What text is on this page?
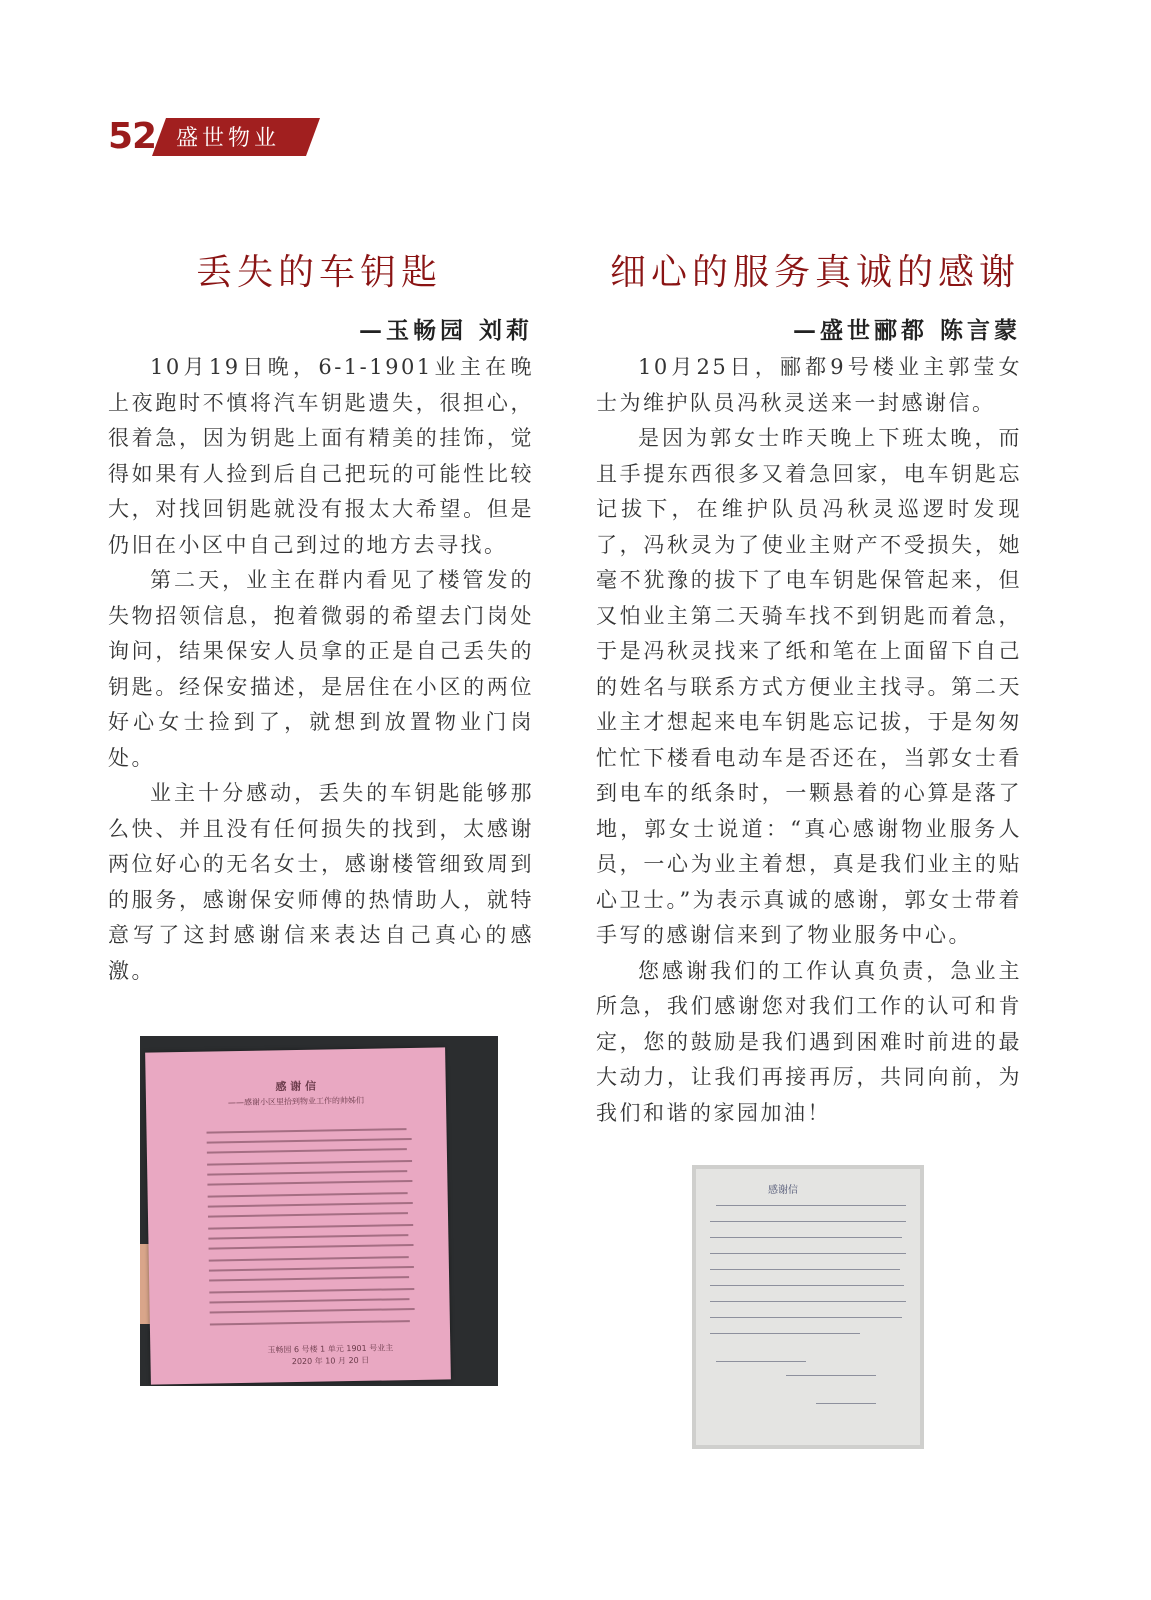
52 盛世物业
丢失的车钥匙
—玉畅园 刘莉

10月19日晚，6-1-1901业主在晚上夜跑时不慎将汽车钥匙遗失，很担心，很着急，因为钥匙上面有精美的挂饰，觉得如果有人捡到后自己把玩的可能性比较大，对找回钥匙就没有报太大希望。但是仍旧在小区中自己到过的地方去寻找。

第二天，业主在群内看见了楼管发的失物招领信息，抱着微弱的希望去门岗处询问，结果保安人员拿的正是自己丢失的钥匙。经保安描述，是居住在小区的两位好心女士捡到了，就想到放置物业门岗处。

业主十分感动，丢失的车钥匙能够那么快、并且没有任何损失的找到，太感谢两位好心的无名女士，感谢楼管细致周到的服务，感谢保安师傅的热情助人，就特意写了这封感谢信来表达自己真心的感激。

感 谢 信
——感谢小区里拾到物业工作的帅姊们
玉畅园 6 号楼 1 单元 1901 号业主
2020 年 10 月 20 日
细心的服务真诚的感谢
—盛世郦都 陈言蒙

10月25日，郦都9号楼业主郭莹女士为维护队员冯秋灵送来一封感谢信。

是因为郭女士昨天晚上下班太晚，而且手提东西很多又着急回家，电车钥匙忘记拔下，在维护队员冯秋灵巡逻时发现了，冯秋灵为了使业主财产不受损失，她毫不犹豫的拔下了电车钥匙保管起来，但又怕业主第二天骑车找不到钥匙而着急，于是冯秋灵找来了纸和笔在上面留下自己的姓名与联系方式方便业主找寻。第二天业主才想起来电车钥匙忘记拔，于是匆匆忙忙下楼看电动车是否还在，当郭女士看到电车的纸条时，一颗悬着的心算是落了地，郭女士说道：“真心感谢物业服务人员，一心为业主着想，真是我们业主的贴心卫士。”为表示真诚的感谢，郭女士带着手写的感谢信来到了物业服务中心。

您感谢我们的工作认真负责，急业主所急，我们感谢您对我们工作的认可和肯定，您的鼓励是我们遇到困难时前进的最大动力，让我们再接再厉，共同向前，为我们和谐的家园加油！

感谢信
